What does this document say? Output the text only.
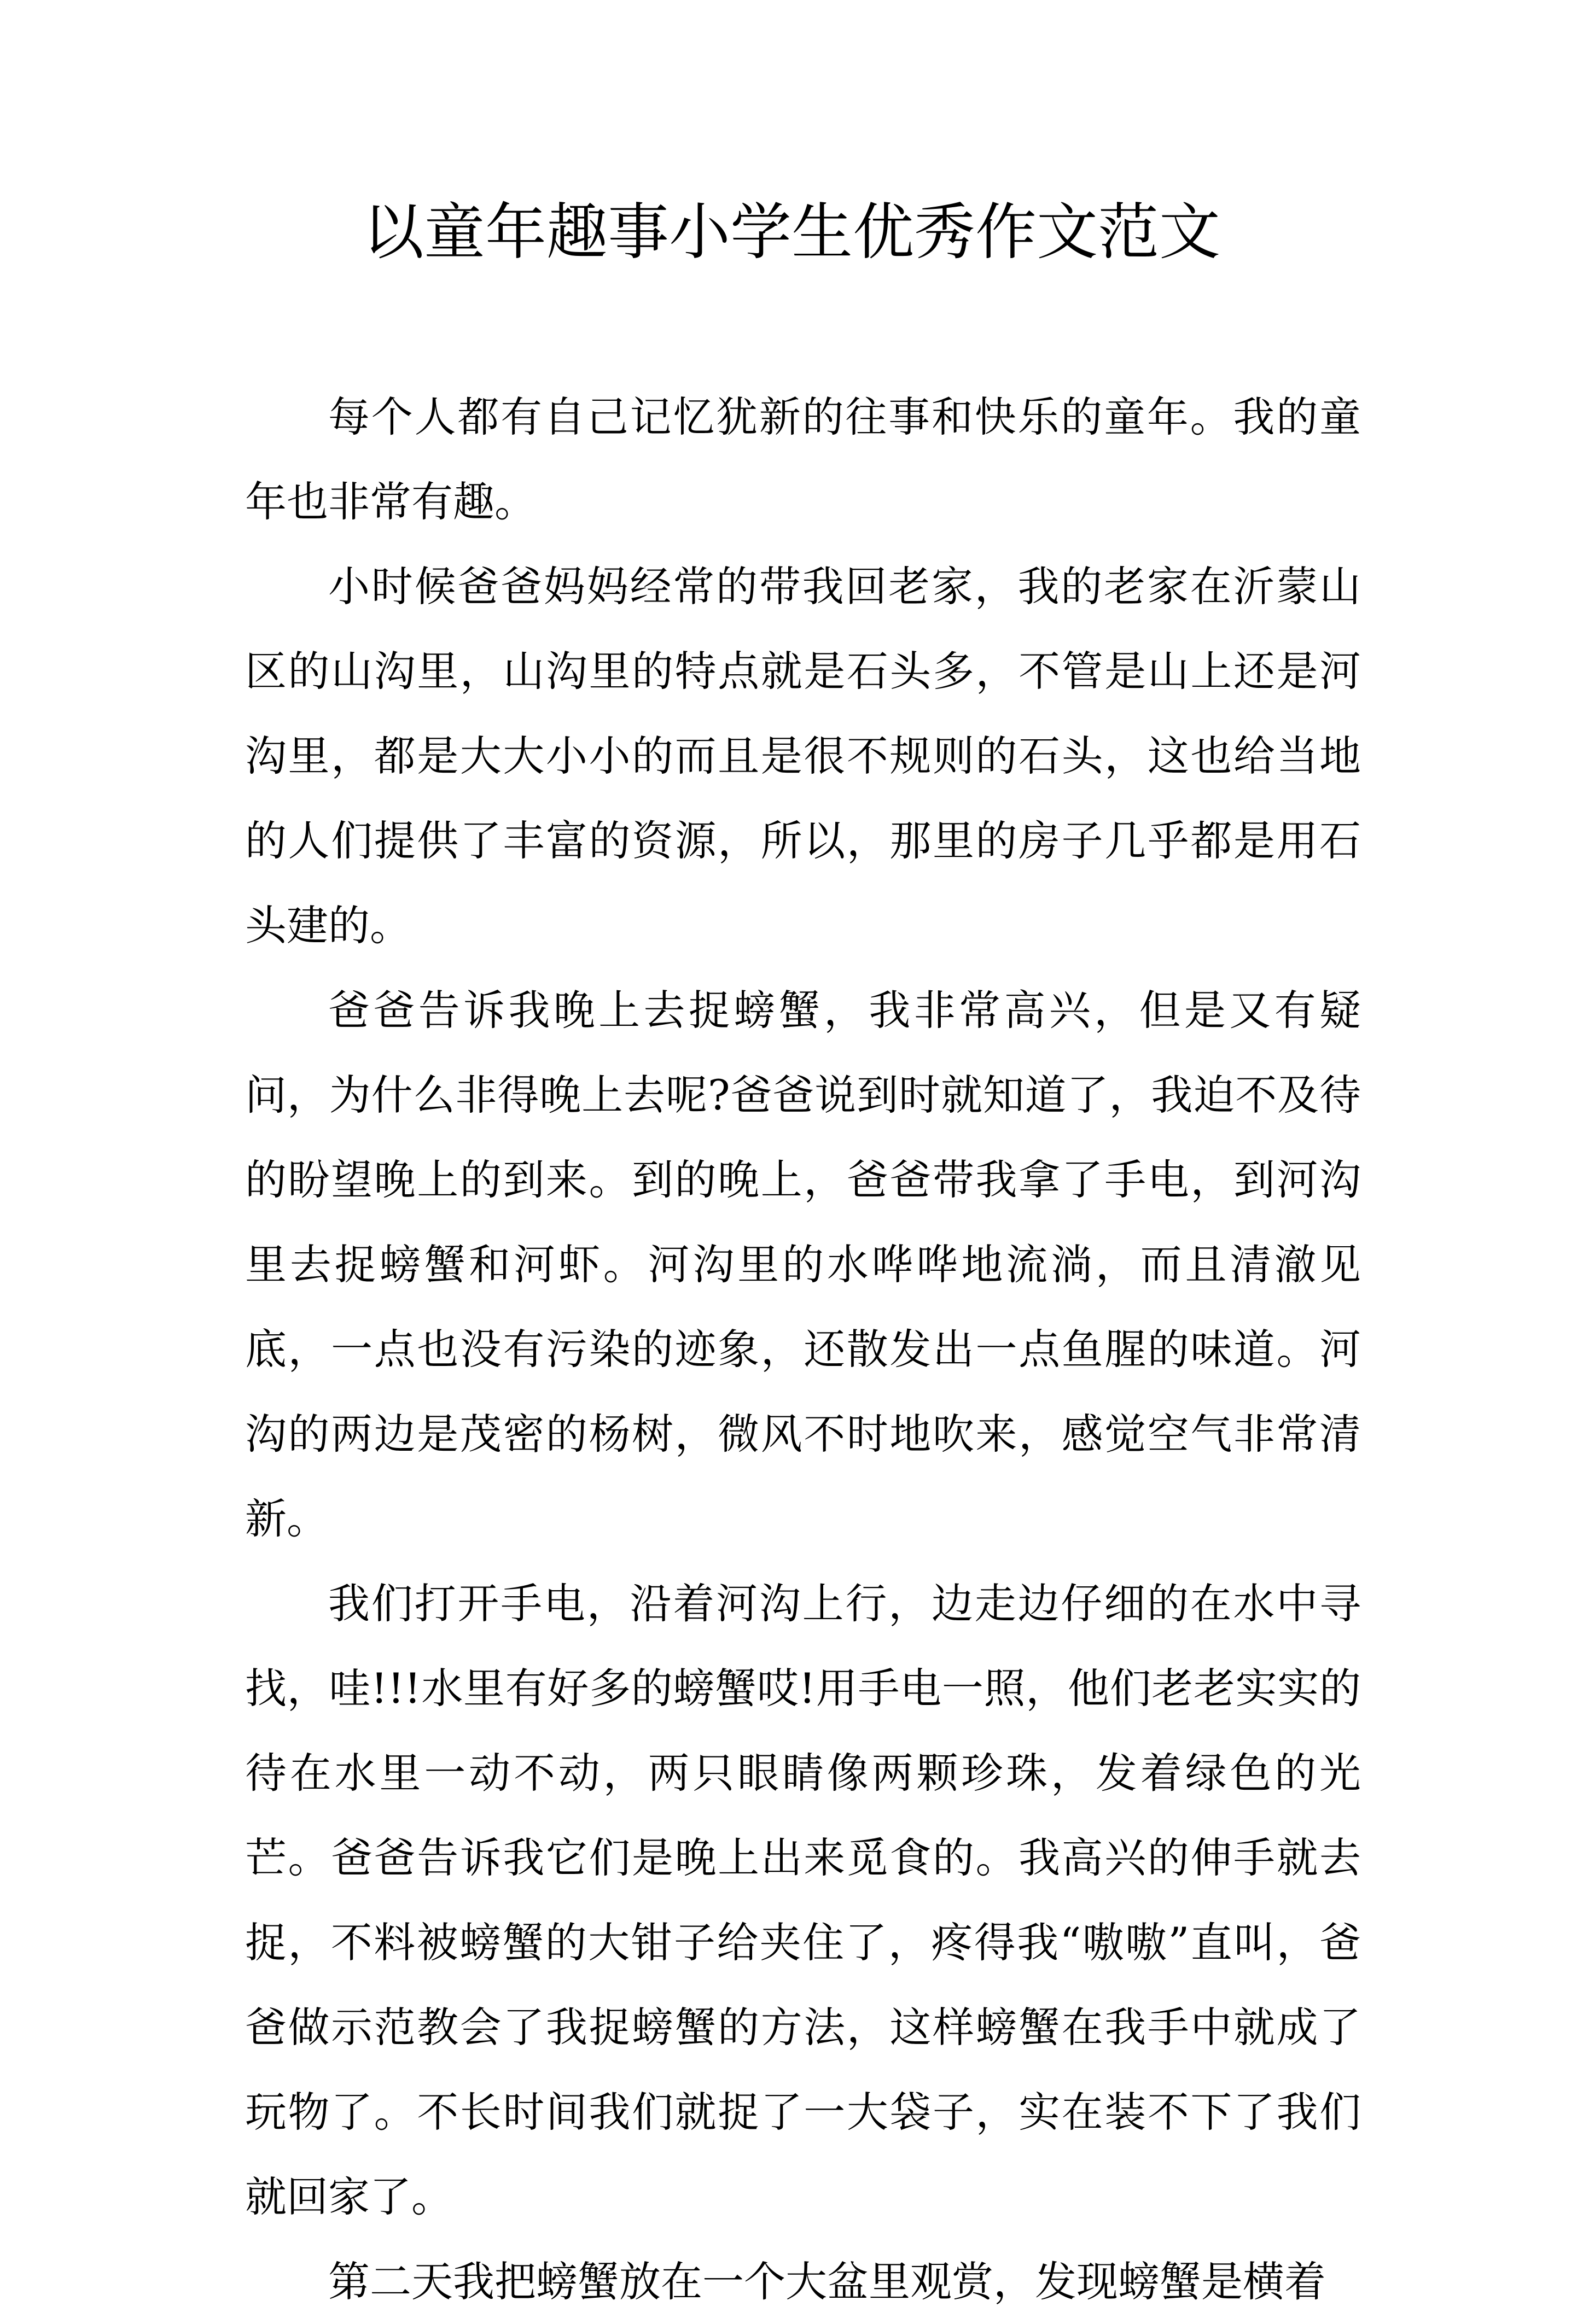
以童年趣事小学生优秀作文范文

每个人都有自己记忆犹新的往事和快乐的童年。我的童年也非常有趣。

小时候爸爸妈妈经常的带我回老家，我的老家在沂蒙山区的山沟里，山沟里的特点就是石头多，不管是山上还是河沟里，都是大大小小的而且是很不规则的石头，这也给当地的人们提供了丰富的资源，所以，那里的房子几乎都是用石头建的。

爸爸告诉我晚上去捉螃蟹，我非常高兴，但是又有疑问，为什么非得晚上去呢?爸爸说到时就知道了，我迫不及待的盼望晚上的到来。到的晚上，爸爸带我拿了手电，到河沟里去捉螃蟹和河虾。河沟里的水哗哗地流淌，而且清澈见底，一点也没有污染的迹象，还散发出一点鱼腥的味道。河沟的两边是茂密的杨树，微风不时地吹来，感觉空气非常清新。

我们打开手电，沿着河沟上行，边走边仔细的在水中寻找，哇!!!水里有好多的螃蟹哎!用手电一照，他们老老实实的待在水里一动不动，两只眼睛像两颗珍珠，发着绿色的光芒。爸爸告诉我它们是晚上出来觅食的。我高兴的伸手就去捉，不料被螃蟹的大钳子给夹住了，疼得我“嗷嗷”直叫，爸爸做示范教会了我捉螃蟹的方法，这样螃蟹在我手中就成了玩物了。不长时间我们就捉了一大袋子，实在装不下了我们就回家了。

第二天我把螃蟹放在一个大盆里观赏，发现螃蟹是横着
